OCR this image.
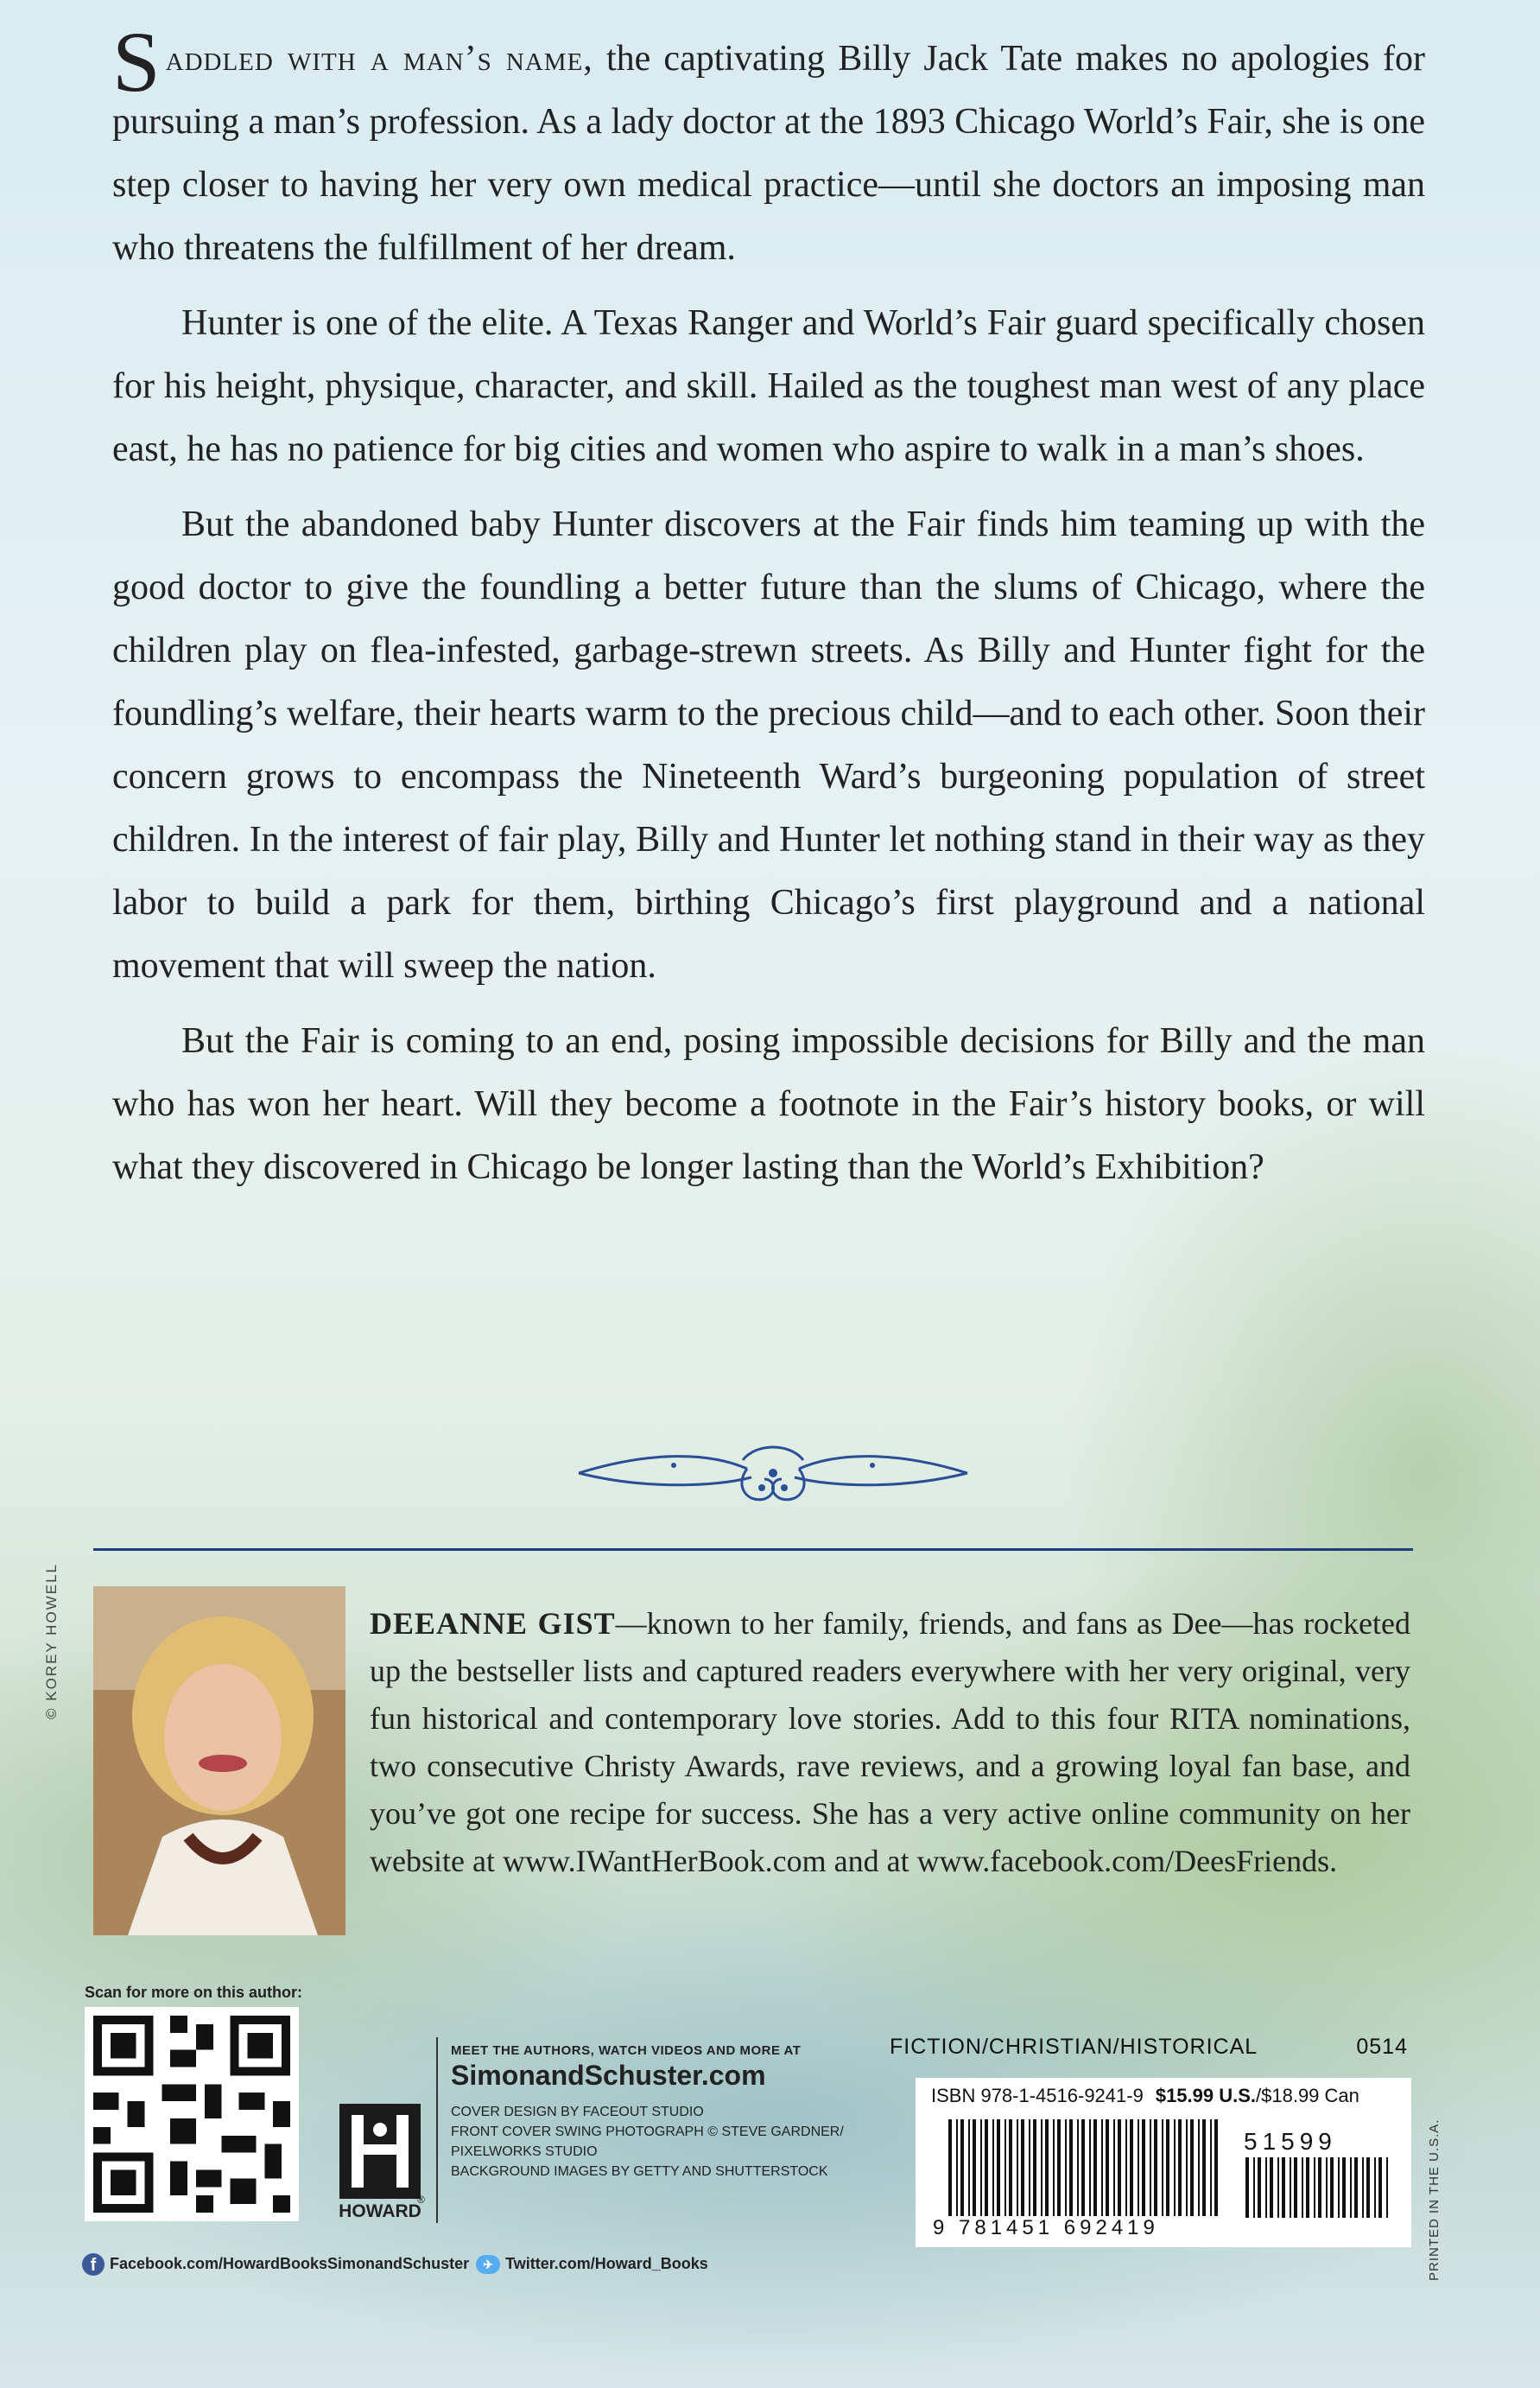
Saddled with a man’s name, the captivating Billy Jack Tate makes no apologies for pursuing a man’s profession. As a lady doctor at the 1893 Chicago World’s Fair, she is one step closer to having her very own medical practice—until she doctors an imposing man who threatens the fulfillment of her dream.

Hunter is one of the elite. A Texas Ranger and World’s Fair guard specifically chosen for his height, physique, character, and skill. Hailed as the toughest man west of any place east, he has no patience for big cities and women who aspire to walk in a man’s shoes.

But the abandoned baby Hunter discovers at the Fair finds him teaming up with the good doctor to give the foundling a better future than the slums of Chicago, where the children play on flea-infested, garbage-strewn streets. As Billy and Hunter fight for the foundling’s welfare, their hearts warm to the precious child—and to each other. Soon their concern grows to encompass the Nineteenth Ward’s burgeoning population of street children. In the interest of fair play, Billy and Hunter let nothing stand in their way as they labor to build a park for them, birthing Chicago’s first playground and a national movement that will sweep the nation.

But the Fair is coming to an end, posing impossible decisions for Billy and the man who has won her heart. Will they become a footnote in the Fair’s history books, or will what they discovered in Chicago be longer lasting than the World’s Exhibition?

© KOREY HOWELL	DEEANNE GIST—known to her family, friends, and fans as Dee—has rocketed up the bestseller lists and captured readers everywhere with her very original, very fun historical and contemporary love stories. Add to this four RITA nominations, two consecutive Christy Awards, rave reviews, and a growing loyal fan base, and you’ve got one recipe for success. She has a very active online community on her website at www.IWantHerBook.com and at www.facebook.com/DeesFriends.
Scan for more on this author:
®
HOWARD
MEET THE AUTHORS, WATCH VIDEOS AND MORE AT
SimonandSchuster.com
COVER DESIGN BY FACEOUT STUDIO
FRONT COVER SWING PHOTOGRAPH © STEVE GARDNER/
PIXELWORKS STUDIO
BACKGROUND IMAGES BY GETTY AND SHUTTERSTOCK
f Facebook.com/HowardBooksSimonandSchuster ✈ Twitter.com/Howard_Books
FICTION/CHRISTIAN/HISTORICAL	0514
ISBN 978-1-4516-9241-9 $15.99 U.S./$18.99 Can
51599
9 781451 692419	PRINTED IN THE U.S.A.
